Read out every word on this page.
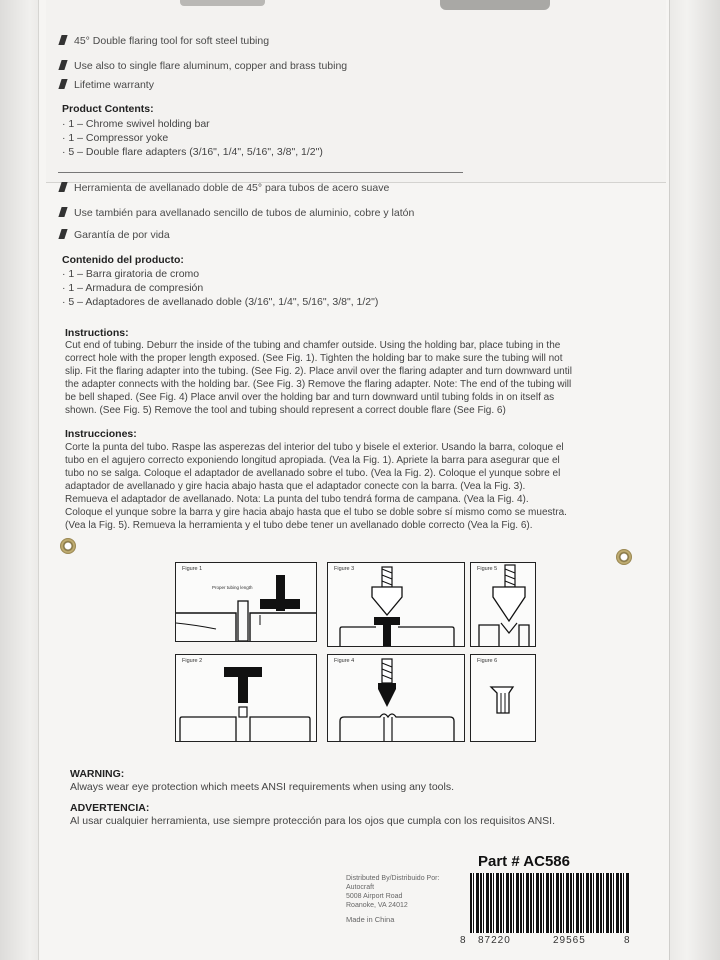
45° Double flaring tool for soft steel tubing
Use also to single flare aluminum, copper and brass tubing
Lifetime warranty
Product Contents:
· 1 – Chrome swivel holding bar
· 1 – Compressor yoke
· 5 – Double flare adapters (3/16", 1/4", 5/16", 3/8", 1/2")
Herramienta de avellanado doble de 45° para tubos de acero suave
Use también para avellanado sencillo de tubos de aluminio, cobre y latón
Garantía de por vida
Contenido del producto:
· 1 – Barra giratoria de cromo
· 1 – Armadura de compresión
· 5 – Adaptadores de avellanado doble (3/16", 1/4", 5/16", 3/8", 1/2")
Instructions:
Cut end of tubing. Deburr the inside of the tubing and chamfer outside. Using the holding bar, place tubing in the
correct hole with the proper length exposed. (See Fig. 1). Tighten the holding bar to make sure the tubing will not
slip. Fit the flaring adapter into the tubing. (See Fig. 2). Place anvil over the flaring adapter and turn downward until
the adapter connects with the holding bar. (See Fig. 3) Remove the flaring adapter. Note: The end of the tubing will
be bell shaped. (See Fig. 4) Place anvil over the holding bar and turn downward until tubing folds in on itself as
shown. (See Fig. 5) Remove the tool and tubing should represent a correct double flare (See Fig. 6)
Instrucciones:
Corte la punta del tubo. Raspe las asperezas del interior del tubo y bisele el exterior. Usando la barra, coloque el
tubo en el agujero correcto exponiendo longitud apropiada. (Vea la Fig. 1). Apriete la barra para asegurar que el
tubo no se salga. Coloque el adaptador de avellanado sobre el tubo. (Vea la Fig. 2). Coloque el yunque sobre el
adaptador de avellanado y gire hacia abajo hasta que el adaptador conecte con la barra. (Vea la Fig. 3).
Remueva el adaptador de avellanado. Nota: La punta del tubo tendrá forma de campana. (Vea la Fig. 4).
Coloque el yunque sobre la barra y gire hacia abajo hasta que el tubo se doble sobre sí mismo como se muestra.
(Vea la Fig. 5). Remueva la herramienta y el tubo debe tener un avellanado doble correcto (Vea la Fig. 6).
Figure 1
Proper tubing length
Figure 3	Figure 5
Figure 2	Figure 4	Figure 6
WARNING:
Always wear eye protection which meets ANSI requirements when using any tools.
ADVERTENCIA:
Al usar cualquier herramienta, use siempre protección para los ojos que cumpla con los requisitos ANSI.
Part # AC586
Distributed By/Distribuido Por:
Autocraft
5008 Airport Road
Roanoke, VA 24012
Made in China
8 87220	29565	8
